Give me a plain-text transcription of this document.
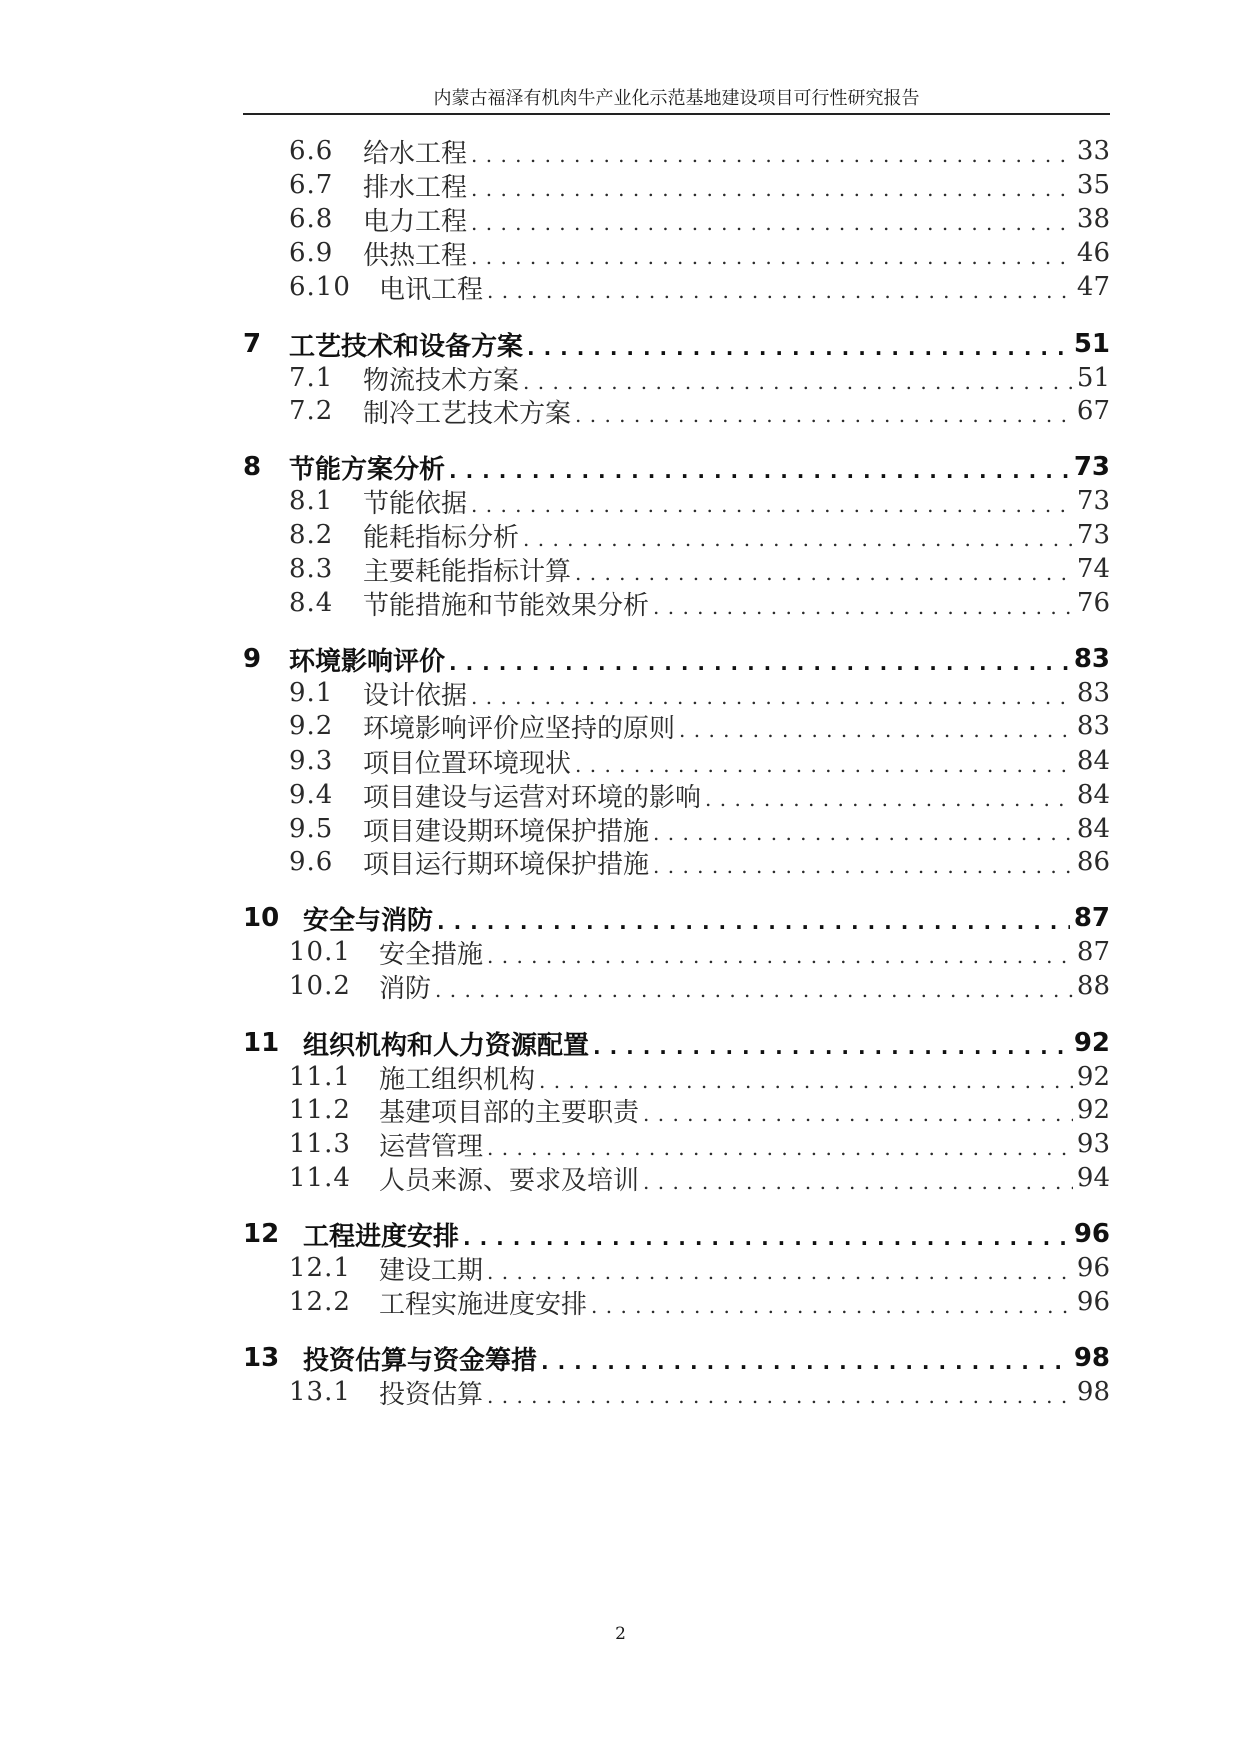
内蒙古福泽有机肉牛产业化示范基地建设项目可行性研究报告
6.6	给水工程 . . .	33
6.7	排水工程 . . .	35
6.8	电力工程 . . .	38
6.9	供热工程 . . .	46
6.10	电讯工程 . . .	47
7	工艺技术和设备方案 . . .	51
7.1	物流技术方案 . . .	51
7.2	制冷工艺技术方案 . . .	67
8	节能方案分析 . . .	73
8.1	节能依据 . . .	73
8.2	能耗指标分析 . . .	73
8.3	主要耗能指标计算 . . .	74
8.4	节能措施和节能效果分析 . . .	76
9	环境影响评价 . . .	83
9.1	设计依据 . . .	83
9.2	环境影响评价应坚持的原则 . . .	83
9.3	项目位置环境现状 . . .	84
9.4	项目建设与运营对环境的影响 . . .	84
9.5	项目建设期环境保护措施 . . .	84
9.6	项目运行期环境保护措施 . . .	86
10 安全与消防 . . .	87
10.1	安全措施 . . .	87
10.2	消防 . . .	88
11 组织机构和人力资源配置 . . .	92
11.1	施工组织机构 . . .	92
11.2	基建项目部的主要职责 . . .	92
11.3	运营管理 . . .	93
11.4	人员来源、要求及培训 . . .	94
12 工程进度安排 . . .	96
12.1	建设工期 . . .	96
12.2	工程实施进度安排 . . .	96
13 投资估算与资金筹措 . . .	98
13.1	投资估算 . . .	98
2
